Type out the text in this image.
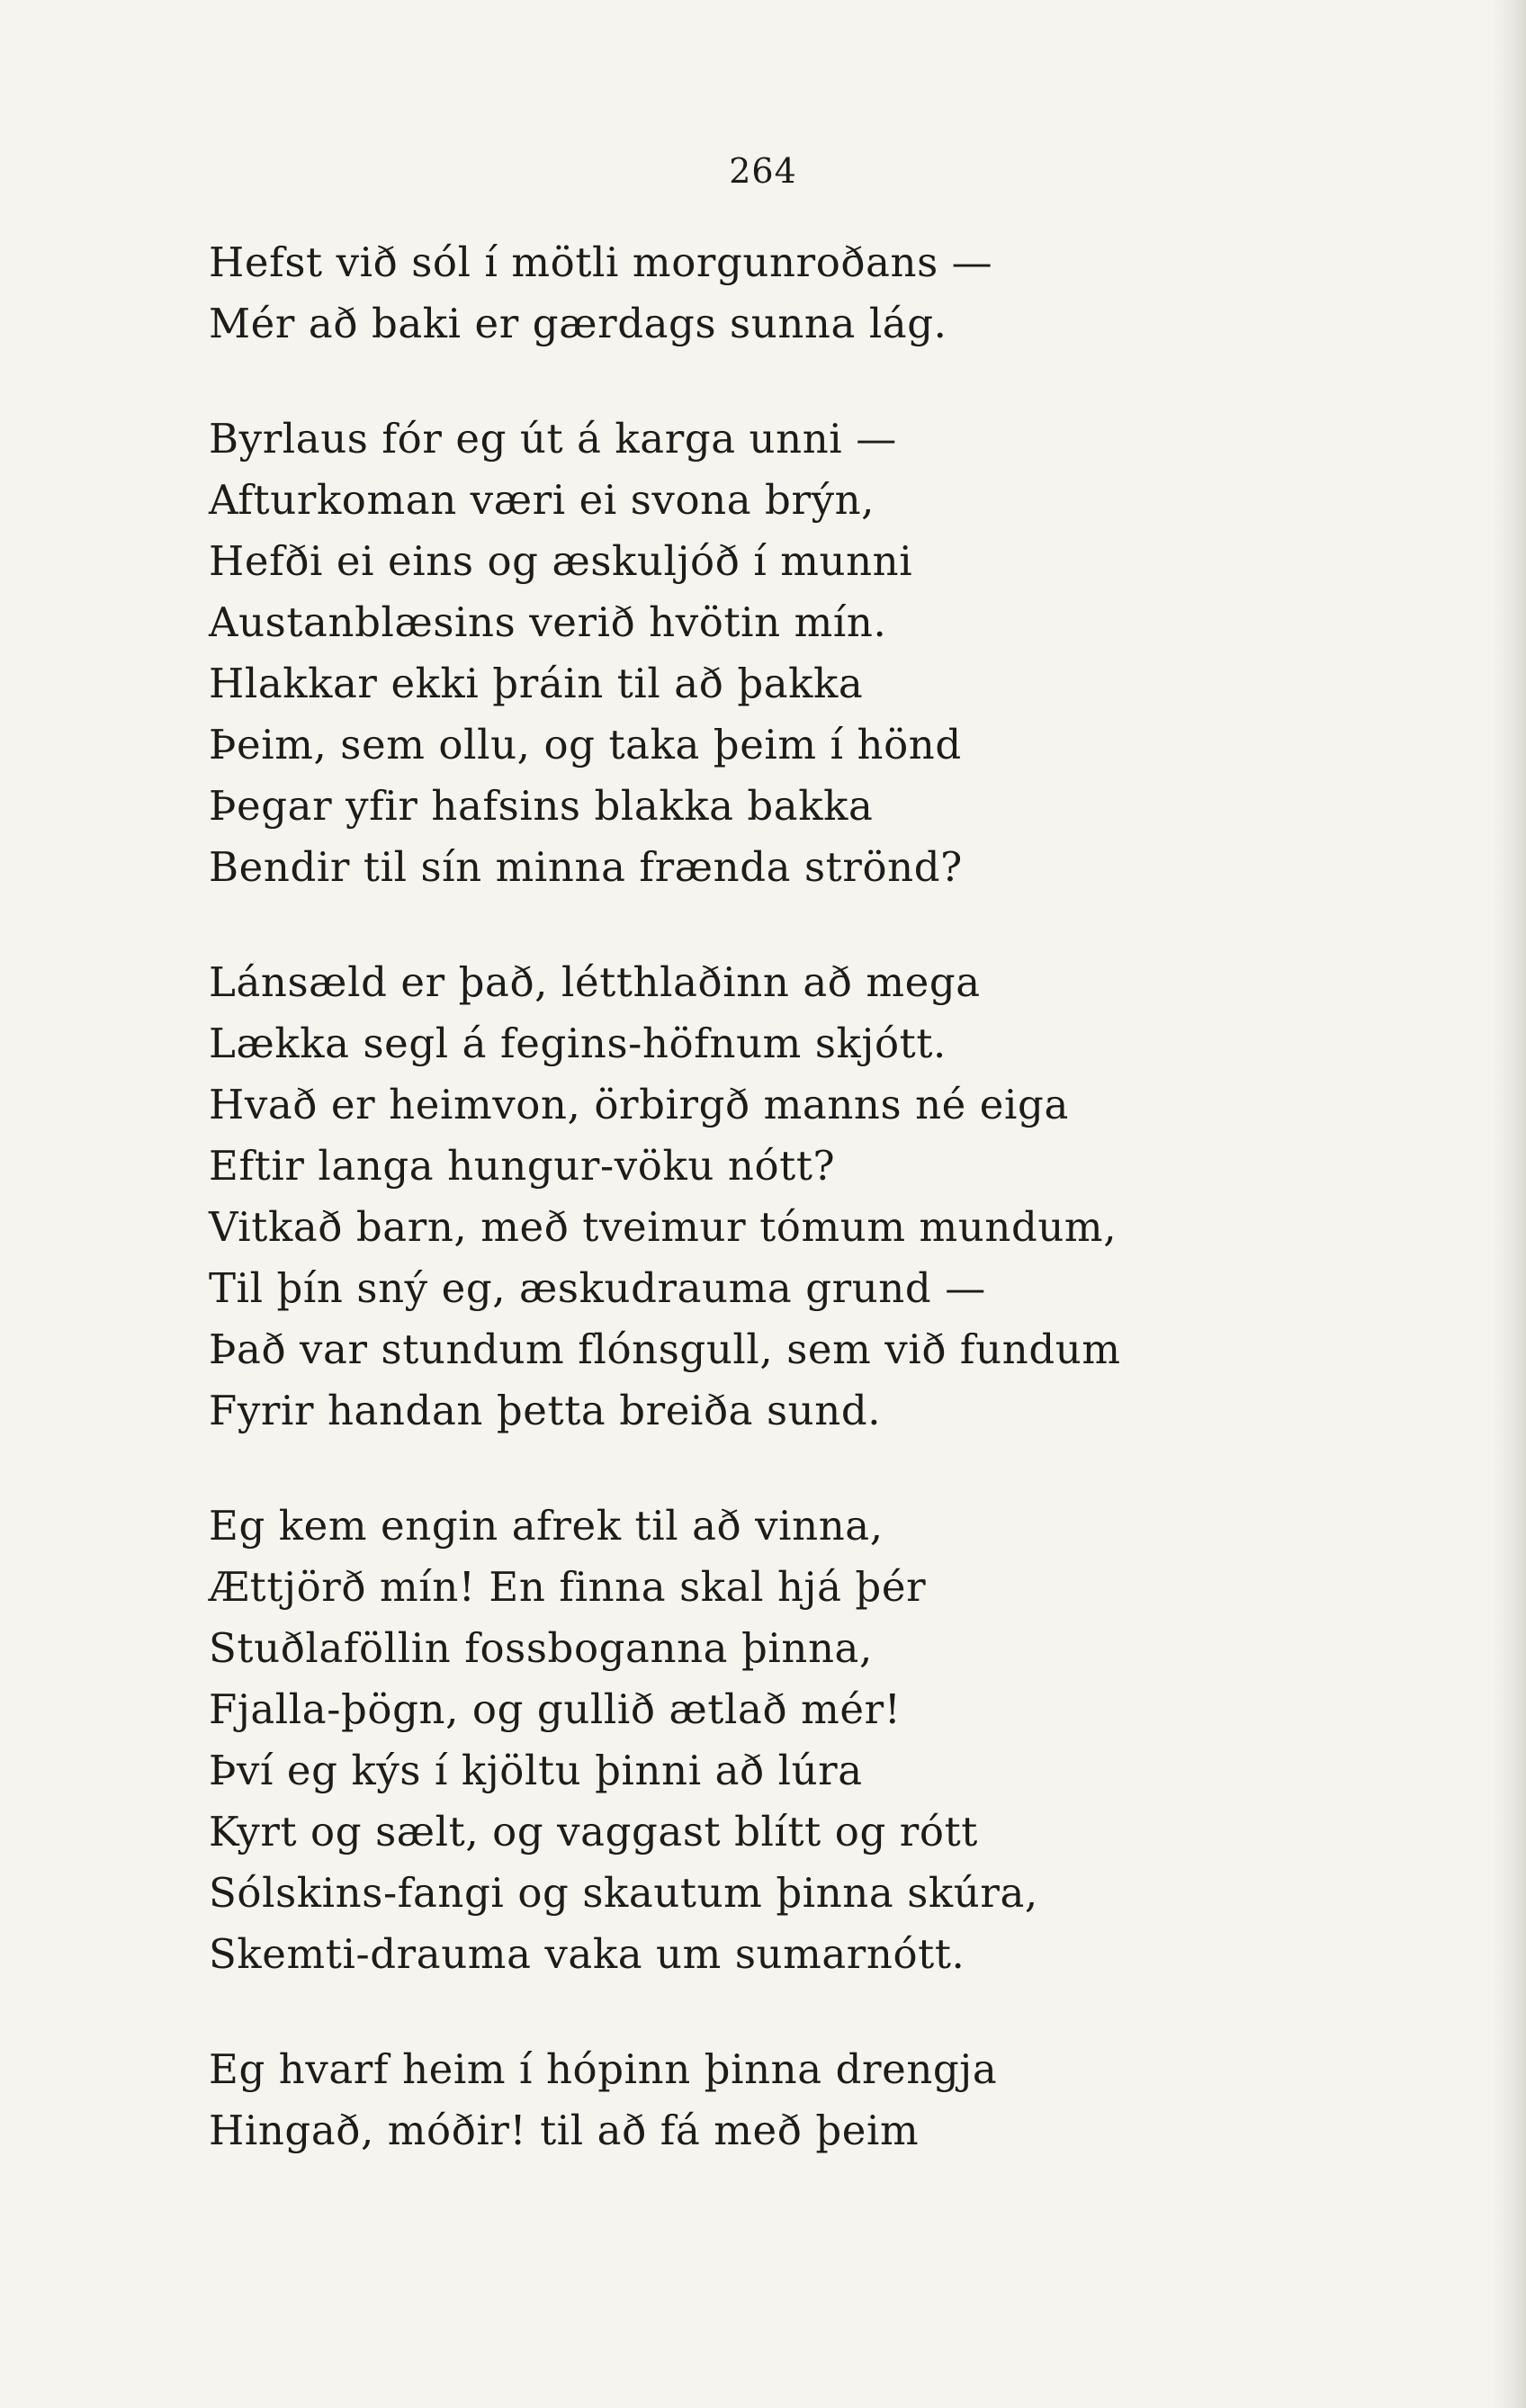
264
Hefst við sól í mötli morgunroðans —
Mér að baki er gærdags sunna lág.
Byrlaus fór eg út á karga unni —
Afturkoman væri ei svona brýn,
Hefði ei eins og æskuljóð í munni
Austanblæsins verið hvötin mín.
Hlakkar ekki þráin til að þakka
Þeim, sem ollu, og taka þeim í hönd
Þegar yfir hafsins blakka bakka
Bendir til sín minna frænda strönd?
Lánsæld er það, létthlaðinn að mega
Lækka segl á fegins-höfnum skjótt.
Hvað er heimvon, örbirgð manns né eiga
Eftir langa hungur-vöku nótt?
Vitkað barn, með tveimur tómum mundum,
Til þín sný eg, æskudrauma grund —
Það var stundum flónsgull, sem við fundum
Fyrir handan þetta breiða sund.
Eg kem engin afrek til að vinna,
Ættjörð mín! En finna skal hjá þér
Stuðlaföllin fossboganna þinna,
Fjalla-þögn, og gullið ætlað mér!
Því eg kýs í kjöltu þinni að lúra
Kyrt og sælt, og vaggast blítt og rótt
Sólskins-fangi og skautum þinna skúra,
Skemti-drauma vaka um sumarnótt.
Eg hvarf heim í hópinn þinna drengja
Hingað, móðir! til að fá með þeim
